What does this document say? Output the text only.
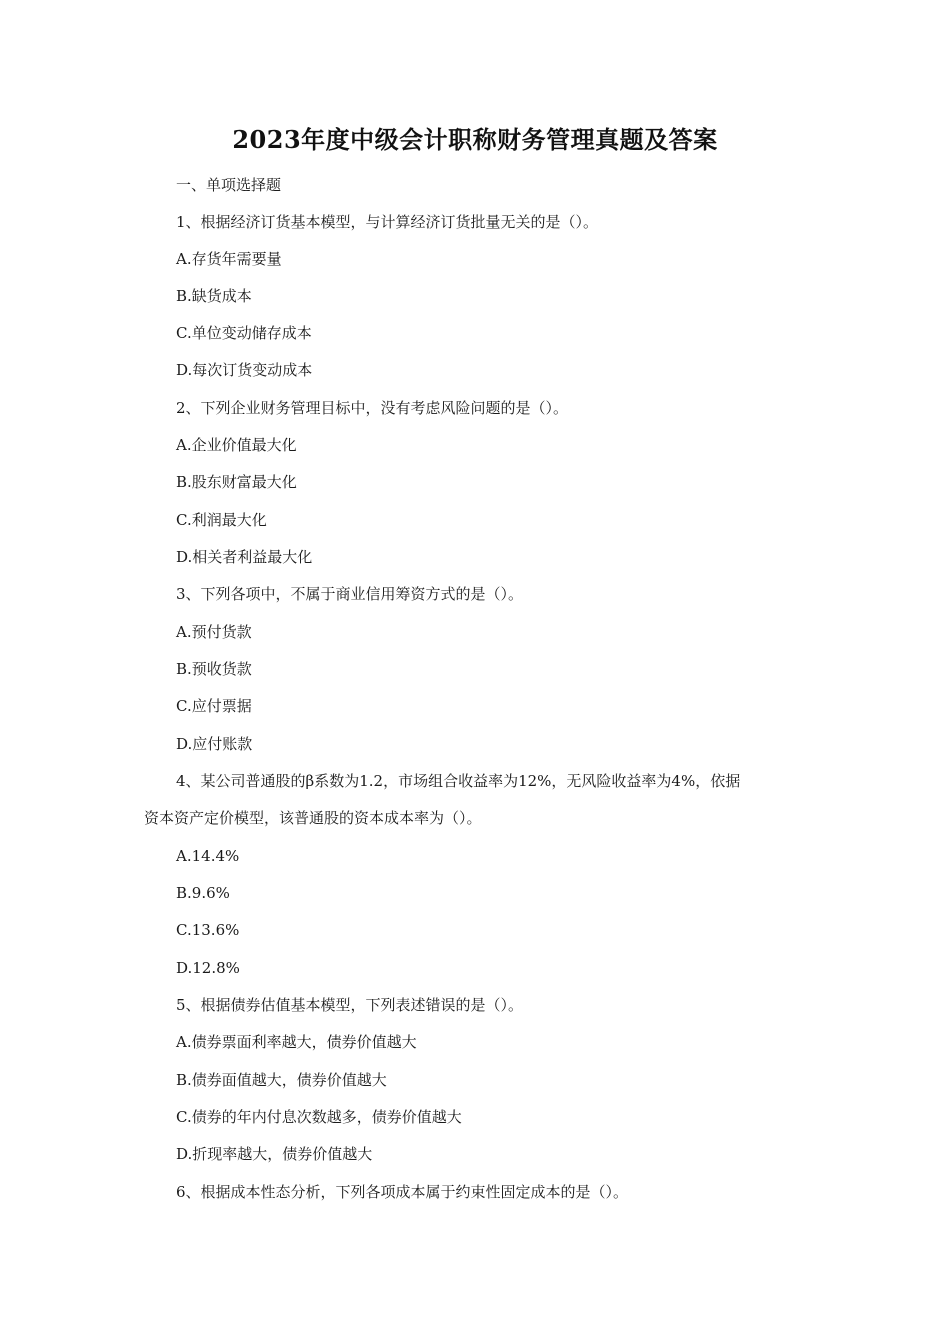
2023年度中级会计职称财务管理真题及答案
一、单项选择题
1、根据经济订货基本模型，与计算经济订货批量无关的是（）。
A.存货年需要量
B.缺货成本
C.单位变动储存成本
D.每次订货变动成本
2、下列企业财务管理目标中，没有考虑风险问题的是（）。
A.企业价值最大化
B.股东财富最大化
C.利润最大化
D.相关者利益最大化
3、下列各项中，不属于商业信用筹资方式的是（）。
A.预付货款
B.预收货款
C.应付票据
D.应付账款
4、某公司普通股的β系数为1.2，市场组合收益率为12%，无风险收益率为4%，依据
资本资产定价模型，该普通股的资本成本率为（）。
A.14.4%
B.9.6%
C.13.6%
D.12.8%
5、根据债券估值基本模型，下列表述错误的是（）。
A.债券票面利率越大，债券价值越大
B.债券面值越大，债券价值越大
C.债券的年内付息次数越多，债券价值越大
D.折现率越大，债券价值越大
6、根据成本性态分析，下列各项成本属于约束性固定成本的是（）。
